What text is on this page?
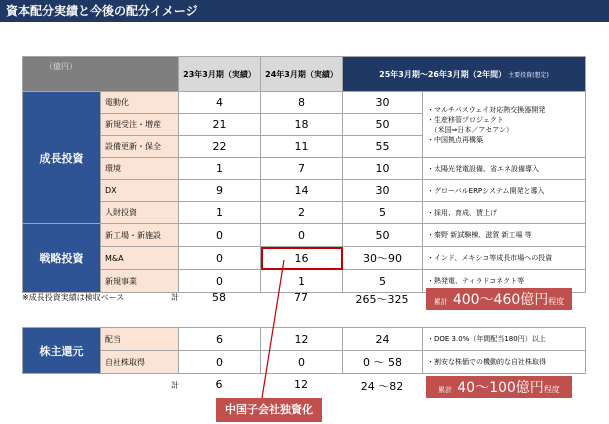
資本配分実績と今後の配分イメージ
（億円）		23年3月期（実績）	24年3月期（実績）	25年3月期～26年3月期（2年間） 主要投資(想定)	
成長投資	電動化	4	8	30	・マルチパスウェイ対応熱交換器開発
・生産移管プロジェクト
　（米国⇒日本／アセアン）
・中国拠点再構築

	新規受注・増産	21	18	50	
	設備更新・保全	22	11	55	
	環境	1	7	10	・太陽光発電設備、省エネ設備導入
	DX	9	14	30	・グローバルERPシステム開発と導入
	人財投資	1	2	5	・採用、育成、賃上げ
戦略投資	新工場・新施設	0	0	50	・秦野 新試験棟、滋賀 新工場 等
	M&A	0	16	30～90	・インド、メキシコ等成長市場への投資
	新規事業	0	1	5	・熱発電、ティラドコネクト等
※成長投資実績は検収ベース	計	58	77	265～325	累計 400～460億円程度
株主還元	配当	6	12	24	・DOE 3.0%（年間配当180円）以上
	自社株取得	0	0	0 ～ 58	・割安な株価での機動的な自社株取得
計	6	12	24 ～82	累計 40～100億円程度
中国子会社独資化
